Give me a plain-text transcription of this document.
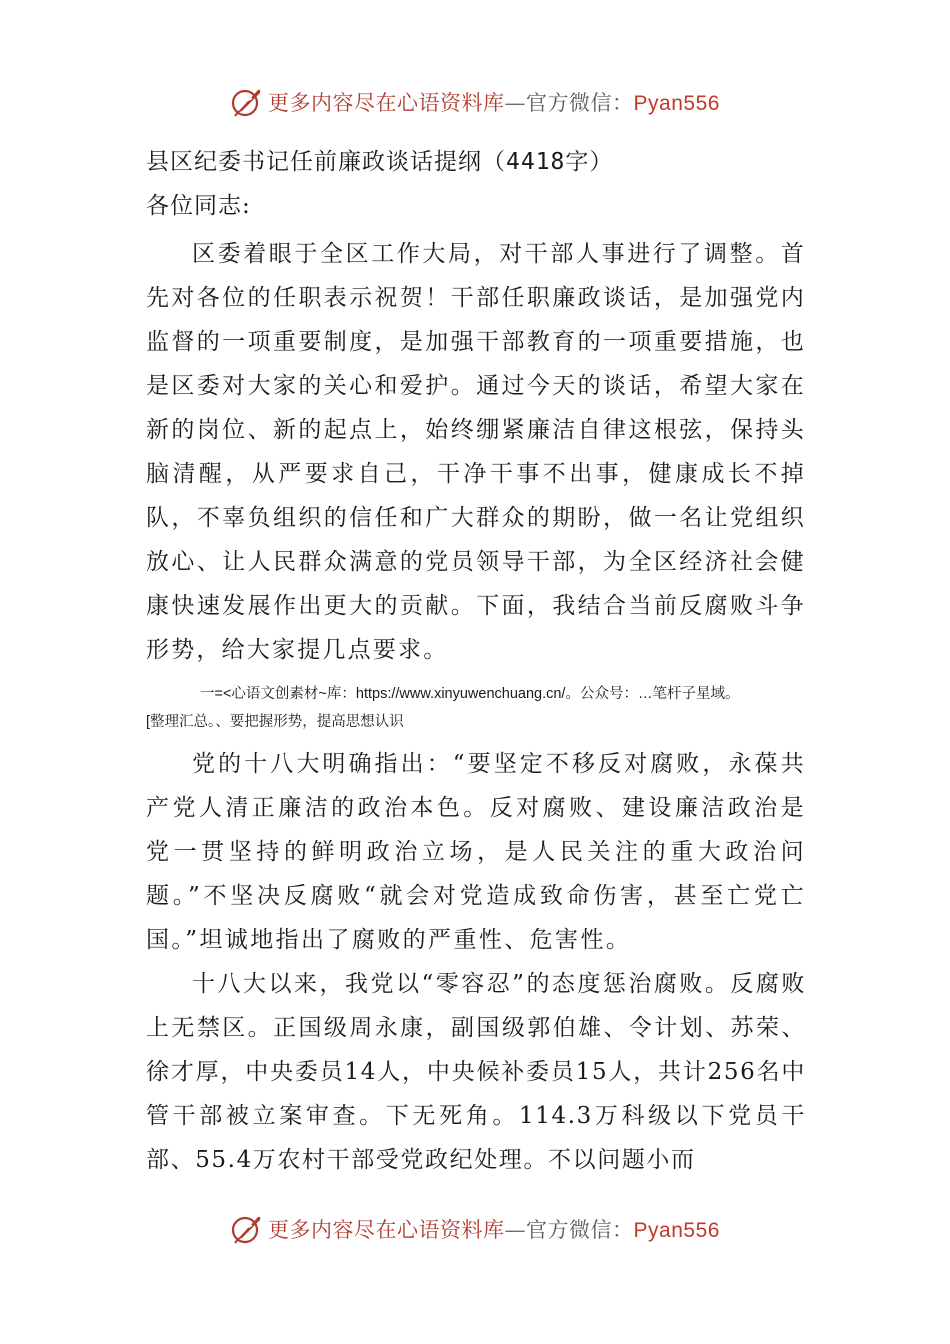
更多内容尽在心语资料库—官方微信：Pyan556

县区纪委书记任前廉政谈话提纲（4418字）

各位同志:

区委着眼于全区工作大局，对干部人事进行了调整。首先对各位的任职表示祝贺！干部任职廉政谈话，是加强党内监督的一项重要制度，是加强干部教育的一项重要措施，也是区委对大家的关心和爱护。通过今天的谈话，希望大家在新的岗位、新的起点上，始终绷紧廉洁自律这根弦，保持头脑清醒，从严要求自己，干净干事不出事，健康成长不掉队，不辜负组织的信任和广大群众的期盼，做一名让党组织放心、让人民群众满意的党员领导干部，为全区经济社会健康快速发展作出更大的贡献。下面，我结合当前反腐败斗争形势，给大家提几点要求。

一=<心语文创素材~库：https://www.xinyuwenchuang.cn/。公众号：…笔杆子星域。

[整理汇总。、要把握形势，提高思想认识

党的十八大明确指出：“要坚定不移反对腐败，永葆共产党人清正廉洁的政治本色。反对腐败、建设廉洁政治是党一贯坚持的鲜明政治立场，是人民关注的重大政治问题。”不坚决反腐败“就会对党造成致命伤害，甚至亡党亡国。”坦诚地指出了腐败的严重性、危害性。

十八大以来，我党以“零容忍”的态度惩治腐败。反腐败上无禁区。正国级周永康，副国级郭伯雄、令计划、苏荣、徐才厚，中央委员14人，中央候补委员15人，共计256名中管干部被立案审查。下无死角。114.3万科级以下党员干部、55.4万农村干部受党政纪处理。不以问题小而

更多内容尽在心语资料库—官方微信：Pyan556
